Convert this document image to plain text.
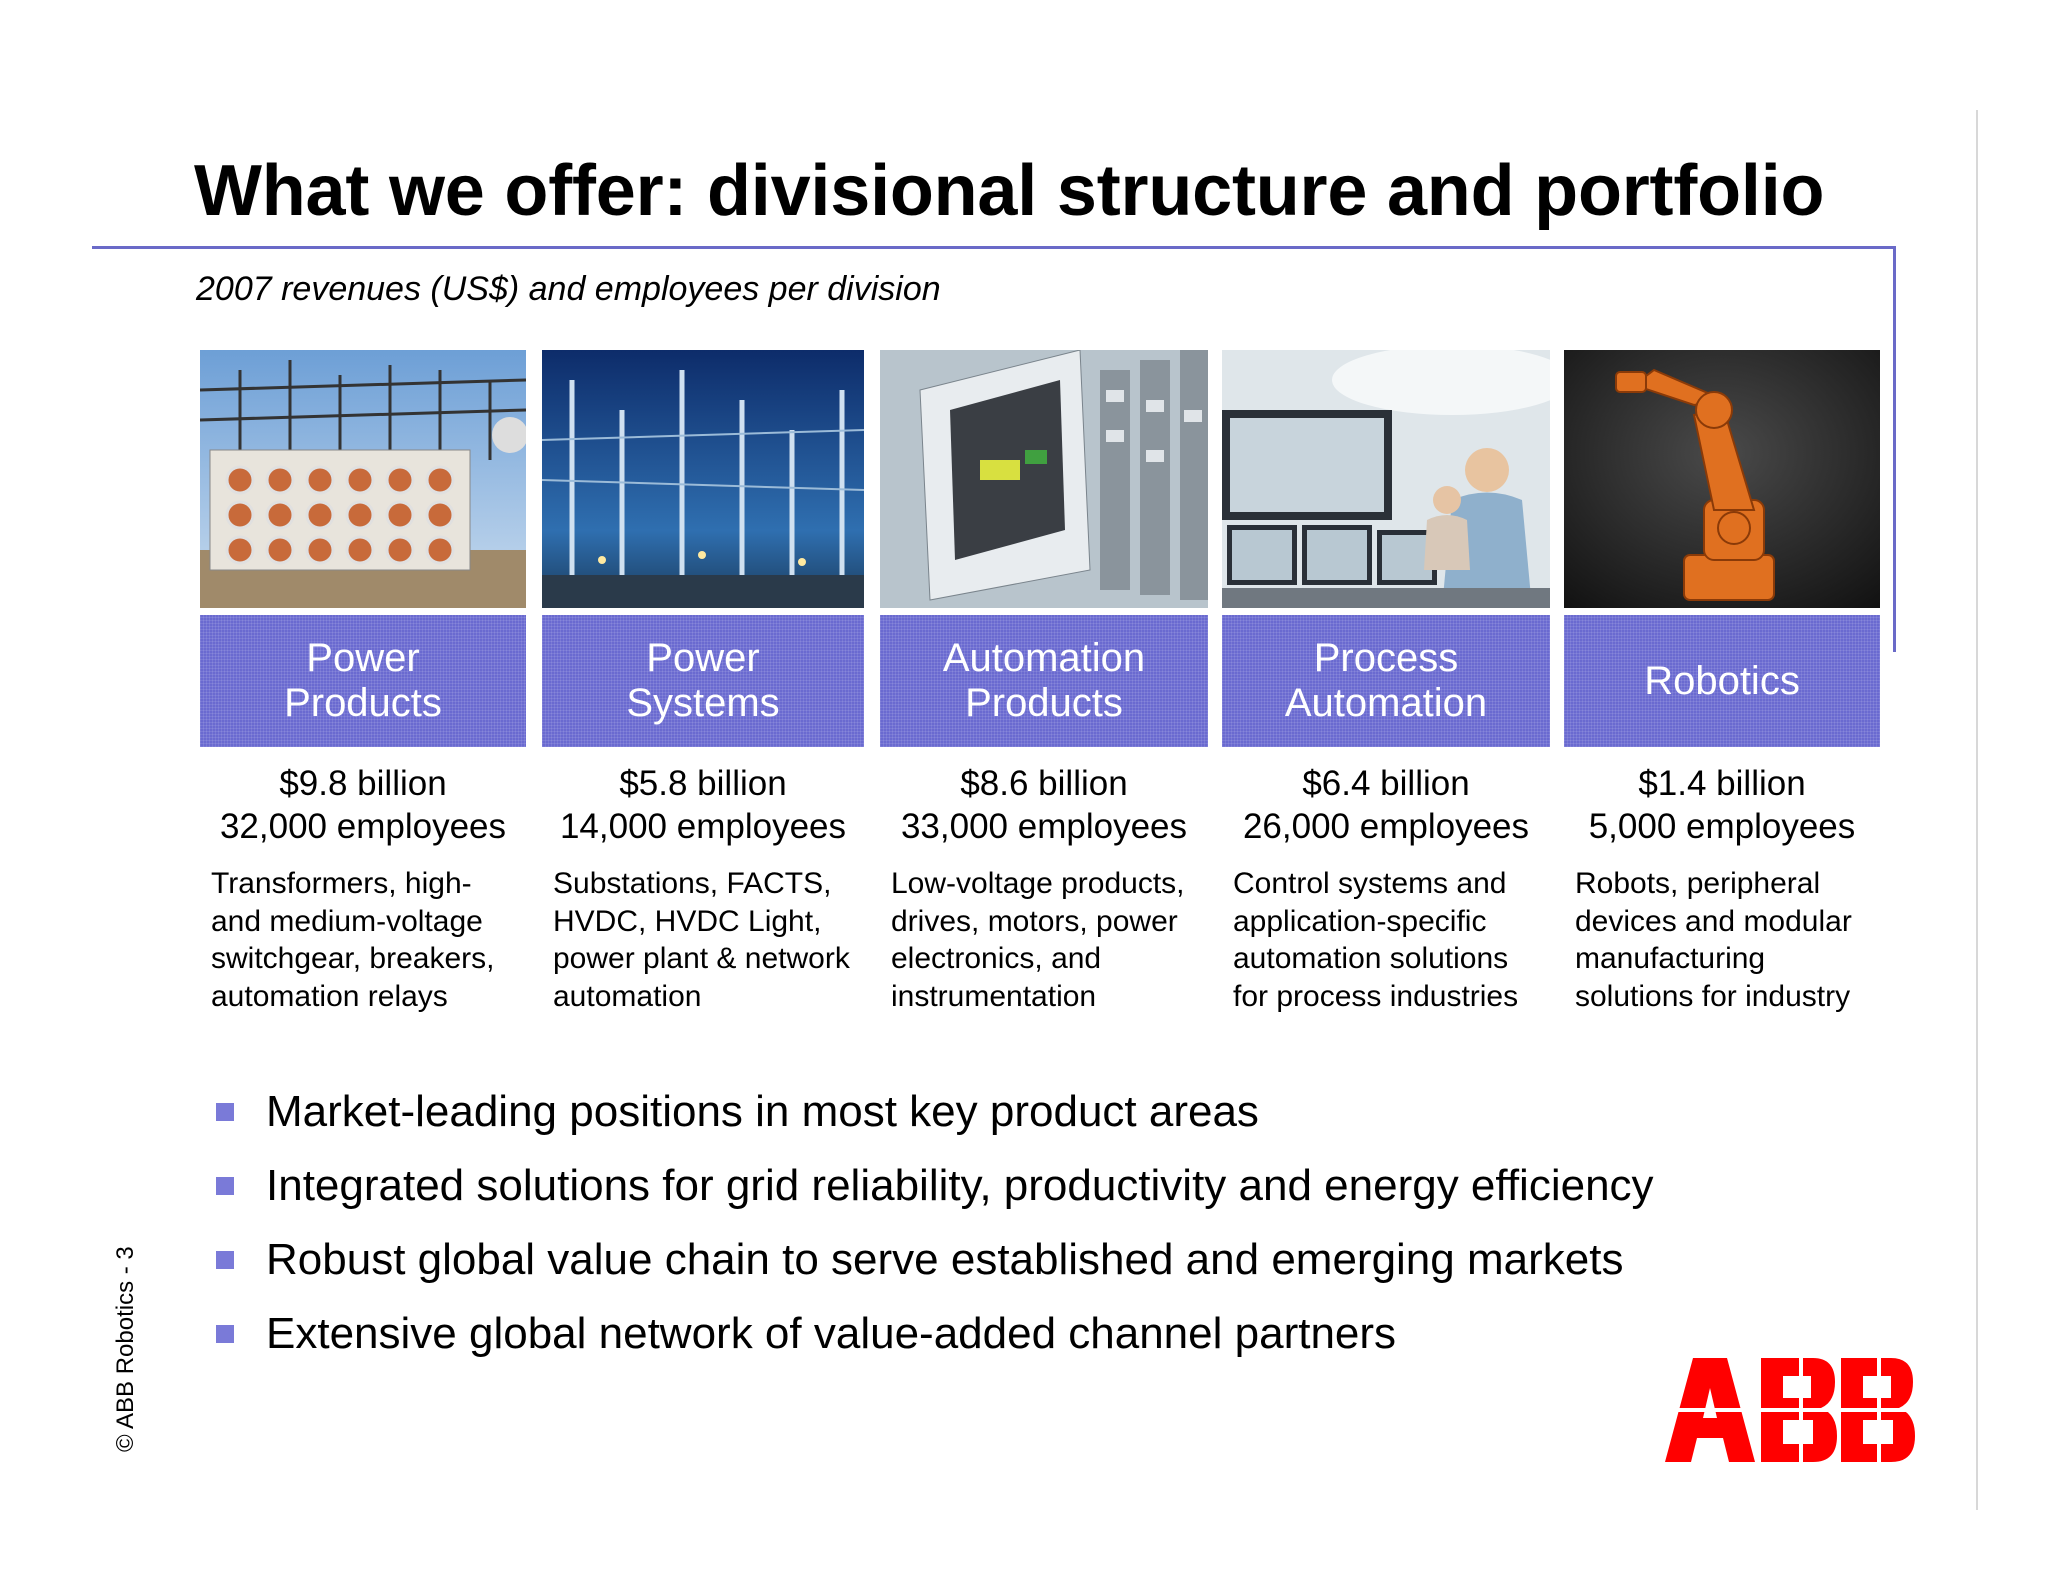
What we offer: divisional structure and portfolio
2007 revenues (US$) and employees per division
Power
Products
$9.8 billion
32,000 employees
Transformers, high-
and medium-voltage
switchgear, breakers,
automation relays
Power
Systems
$5.8 billion
14,000 employees
Substations, FACTS,
HVDC, HVDC Light,
power plant & network
automation
Automation
Products
$8.6 billion
33,000 employees
Low-voltage products,
drives, motors, power
electronics, and
instrumentation
Process
Automation
$6.4 billion
26,000 employees
Control systems and
application-specific
automation solutions
for process industries
Robotics
$1.4 billion
5,000 employees
Robots, peripheral
devices and modular
manufacturing
solutions for industry
Market-leading positions in most key product areas
Integrated solutions for grid reliability, productivity and energy efficiency
Robust global value chain to serve established and emerging markets
Extensive global network of value-added channel partners
© ABB Robotics - 3
